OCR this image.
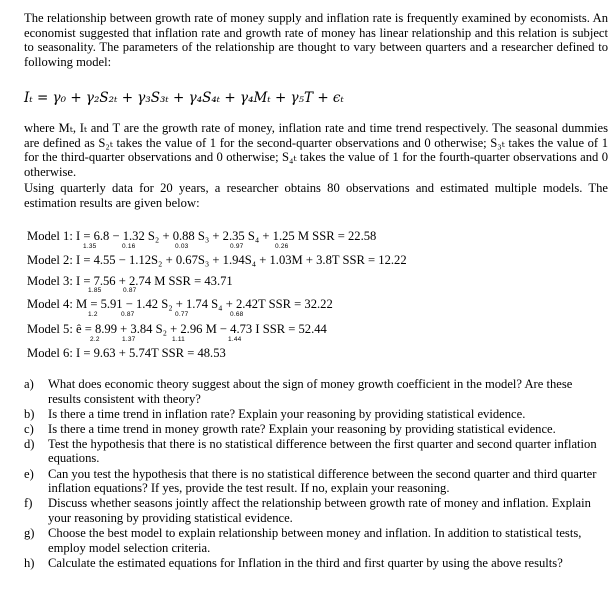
The relationship between growth rate of money supply and inflation rate is frequently examined by economists. An economist suggested that inflation rate and growth rate of money has linear relationship and this relation is subject to seasonality. The parameters of the relationship are thought to vary between quarters and a researcher defined to following model:

Iₜ = γ₀ + γ₂S₂ₜ + γ₃S₃ₜ + γ₄S₄ₜ + γ₄Mₜ + γ₅T + ϵₜ

where Mₜ, Iₜ and T are the growth rate of money, inflation rate and time trend respectively. The seasonal dummies are defined as S₂ₜ takes the value of 1 for the second-quarter observations and 0 otherwise; S₃ₜ takes the value of 1 for the third-quarter observations and 0 otherwise; S₄ₜ takes the value of 1 for the fourth-quarter observations and 0 otherwise.

Using quarterly data for 20 years, a researcher obtains 80 observations and estimated multiple models. The estimation results are given below:

Model 1: I = 6.8 − 1.32 S₂ + 0.88 S₃ + 2.35 S₄ + 1.25 M SSR = 22.58
1.35	0.16	0.03	0.97	0.26
Model 2: I = 4.55 − 1.12S₂ + 0.67S₃ + 1.94S₄ + 1.03M + 3.8T SSR = 12.22
Model 3: I = 7.56 + 2.74 M SSR = 43.71
1.85	0.87
Model 4: M = 5.91 − 1.42 S₂ + 1.74 S₄ + 2.42T SSR = 32.22
1.2	0.87	0.77	0.68
Model 5: ê = 8.99 + 3.84 S₂ + 2.96 M − 4.73 I SSR = 52.44
2.2	1.37	1.11	1.44
Model 6: I = 9.63 + 5.74T SSR = 48.53

a) What does economic theory suggest about the sign of money growth coefficient in the model? Are these results consistent with theory?

b) Is there a time trend in inflation rate? Explain your reasoning by providing statistical evidence.

c) Is there a time trend in money growth rate? Explain your reasoning by providing statistical evidence.

d) Test the hypothesis that there is no statistical difference between the first quarter and second quarter inflation equations.

e) Can you test the hypothesis that there is no statistical difference between the second quarter and third quarter inflation equations? If yes, provide the test result. If no, explain your reasoning.

f) Discuss whether seasons jointly affect the relationship between growth rate of money and inflation. Explain your reasoning by providing statistical evidence.

g) Choose the best model to explain relationship between money and inflation. In addition to statistical tests, employ model selection criteria.

h) Calculate the estimated equations for Inflation in the third and first quarter by using the above results?
